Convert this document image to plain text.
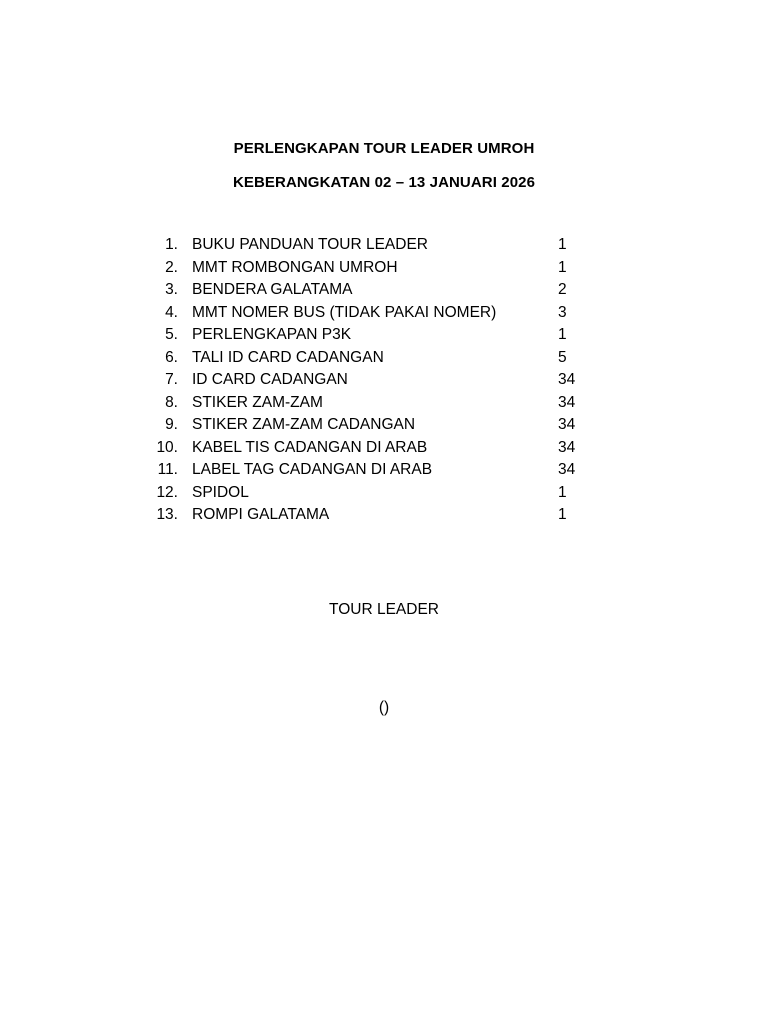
PERLENGKAPAN TOUR LEADER UMROH
KEBERANGKATAN 02 – 13 JANUARI 2026
1. BUKU PANDUAN TOUR LEADER	1
2. MMT ROMBONGAN UMROH	1
3. BENDERA GALATAMA	2
4. MMT NOMER BUS (TIDAK PAKAI NOMER)	3
5. PERLENGKAPAN P3K	1
6. TALI ID CARD CADANGAN	5
7. ID CARD CADANGAN	34
8. STIKER ZAM-ZAM	34
9. STIKER ZAM-ZAM CADANGAN	34
10. KABEL TIS CADANGAN DI ARAB	34
11. LABEL TAG CADANGAN DI ARAB	34
12. SPIDOL	1
13. ROMPI GALATAMA	1
TOUR LEADER
()
